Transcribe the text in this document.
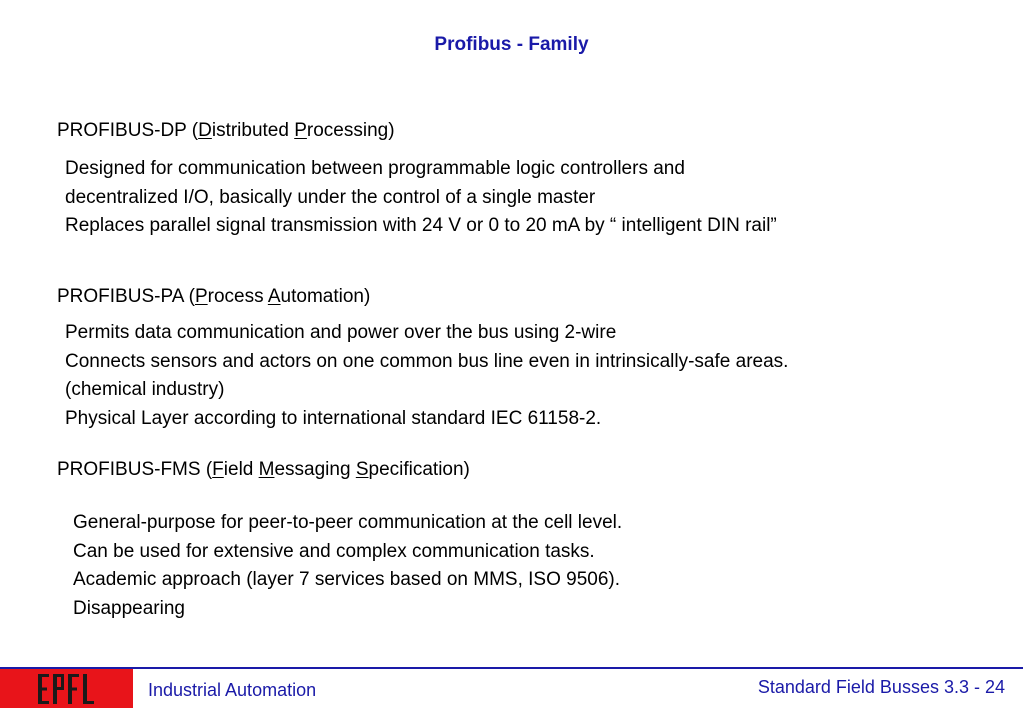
Profibus - Family
PROFIBUS-DP (Distributed Processing)
Designed for communication between programmable logic controllers and
decentralized I/O, basically under the control of a single master
Replaces parallel signal transmission with 24 V or 0 to 20 mA by “ intelligent DIN rail”
PROFIBUS-PA (Process Automation)
Permits data communication and power over the bus using 2-wire
Connects sensors and actors on one common bus line even in intrinsically-safe areas.
(chemical industry)
Physical Layer according to international standard IEC 61158-2.
PROFIBUS-FMS (Field Messaging Specification)
General-purpose for peer-to-peer communication at the cell level.
Can be used for extensive and complex communication tasks.
Academic approach (layer 7 services based on MMS, ISO 9506).
Disappearing
Industrial Automation	Standard Field Busses 3.3 - 24
